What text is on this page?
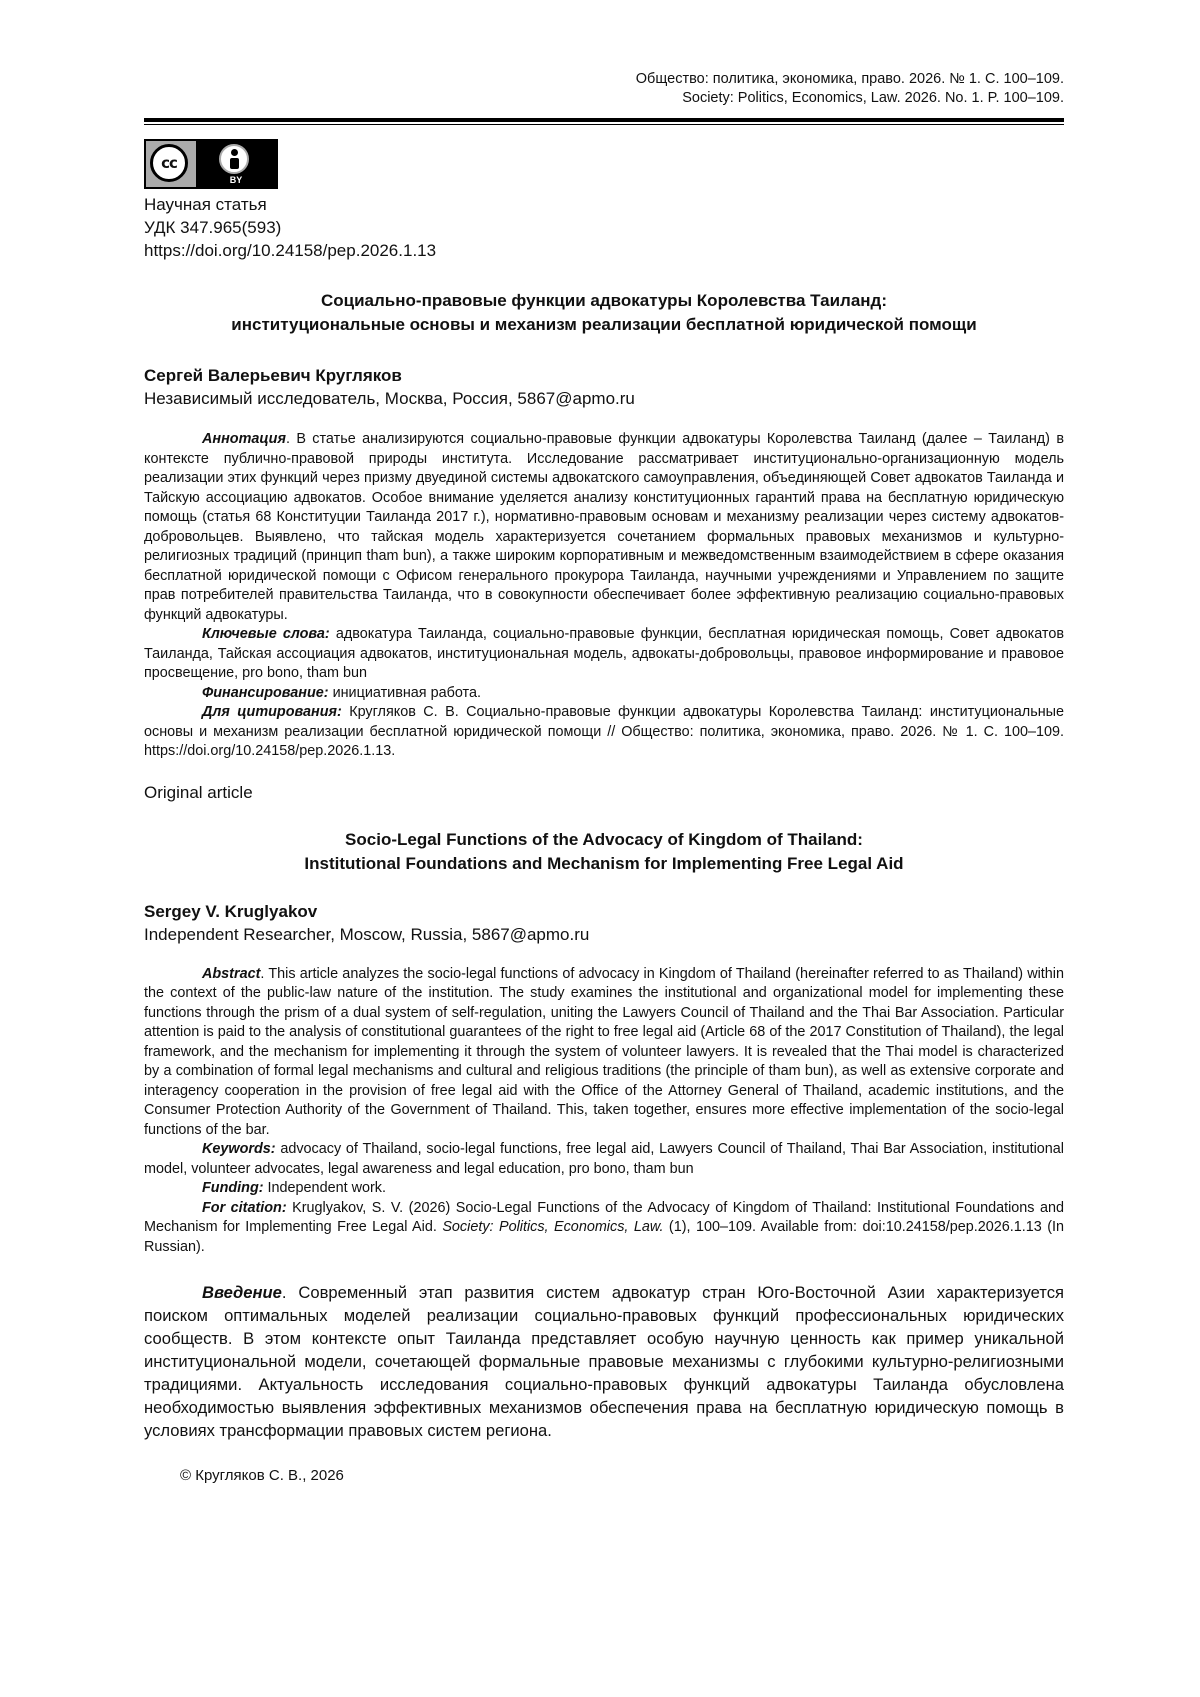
Общество: политика, экономика, право. 2026. № 1. С. 100–109.
Society: Politics, Economics, Law. 2026. No. 1. P. 100–109.
cc
BY
Научная статья
УДК 347.965(593)
https://doi.org/10.24158/pep.2026.1.13
Социально-правовые функции адвокатуры Королевства Таиланд:
институциональные основы и механизм реализации бесплатной юридической помощи
Сергей Валерьевич Кругляков
Независимый исследователь, Москва, Россия, 5867@apmo.ru

Аннотация. В статье анализируются социально-правовые функции адвокатуры Королевства Таиланд (далее – Таиланд) в контексте публично-правовой природы института. Исследование рассматривает институционально-организационную модель реализации этих функций через призму двуединой системы адвокатского самоуправления, объединяющей Совет адвокатов Таиланда и Тайскую ассоциацию адвокатов. Особое внимание уделяется анализу конституционных гарантий права на бесплатную юридическую помощь (статья 68 Конституции Таиланда 2017 г.), нормативно-правовым основам и механизму реализации через систему адвокатов-добровольцев. Выявлено, что тайская модель характеризуется сочетанием формальных правовых механизмов и культурно-религиозных традиций (принцип tham bun), а также широким корпоративным и межведомственным взаимодействием в сфере оказания бесплатной юридической помощи с Офисом генерального прокурора Таиланда, научными учреждениями и Управлением по защите прав потребителей правительства Таиланда, что в совокупности обеспечивает более эффективную реализацию социально-правовых функций адвокатуры.

Ключевые слова: адвокатура Таиланда, социально-правовые функции, бесплатная юридическая помощь, Совет адвокатов Таиланда, Тайская ассоциация адвокатов, институциональная модель, адвокаты-добровольцы, правовое информирование и правовое просвещение, pro bono, tham bun

Финансирование: инициативная работа.

Для цитирования: Кругляков С. В. Социально-правовые функции адвокатуры Королевства Таиланд: институциональные основы и механизм реализации бесплатной юридической помощи // Общество: политика, экономика, право. 2026. № 1. С. 100–109. https://doi.org/10.24158/pep.2026.1.13.

Original article
Socio-Legal Functions of the Advocacy of Kingdom of Thailand:
Institutional Foundations and Mechanism for Implementing Free Legal Aid
Sergey V. Kruglyakov
Independent Researcher, Moscow, Russia, 5867@apmo.ru

Abstract. This article analyzes the socio-legal functions of advocacy in Kingdom of Thailand (hereinafter referred to as Thailand) within the context of the public-law nature of the institution. The study examines the institutional and organizational model for implementing these functions through the prism of a dual system of self-regulation, uniting the Lawyers Council of Thailand and the Thai Bar Association. Particular attention is paid to the analysis of constitutional guarantees of the right to free legal aid (Article 68 of the 2017 Constitution of Thailand), the legal framework, and the mechanism for implementing it through the system of volunteer lawyers. It is revealed that the Thai model is characterized by a combination of formal legal mechanisms and cultural and religious traditions (the principle of tham bun), as well as extensive corporate and interagency cooperation in the provision of free legal aid with the Office of the Attorney General of Thailand, academic institutions, and the Consumer Protection Authority of the Government of Thailand. This, taken together, ensures more effective implementation of the socio-legal functions of the bar.

Keywords: advocacy of Thailand, socio-legal functions, free legal aid, Lawyers Council of Thailand, Thai Bar Association, institutional model, volunteer advocates, legal awareness and legal education, pro bono, tham bun

Funding: Independent work.

For citation: Kruglyakov, S. V. (2026) Socio-Legal Functions of the Advocacy of Kingdom of Thailand: Institutional Foundations and Mechanism for Implementing Free Legal Aid. Society: Politics, Economics, Law. (1), 100–109. Available from: doi:10.24158/pep.2026.1.13 (In Russian).

Введение. Современный этап развития систем адвокатур стран Юго-Восточной Азии характеризуется поиском оптимальных моделей реализации социально-правовых функций профессиональных юридических сообществ. В этом контексте опыт Таиланда представляет особую научную ценность как пример уникальной институциональной модели, сочетающей формальные правовые механизмы с глубокими культурно-религиозными традициями. Актуальность исследования социально-правовых функций адвокатуры Таиланда обусловлена необходимостью выявления эффективных механизмов обеспечения права на бесплатную юридическую помощь в условиях трансформации правовых систем региона.

© Кругляков С. В., 2026
